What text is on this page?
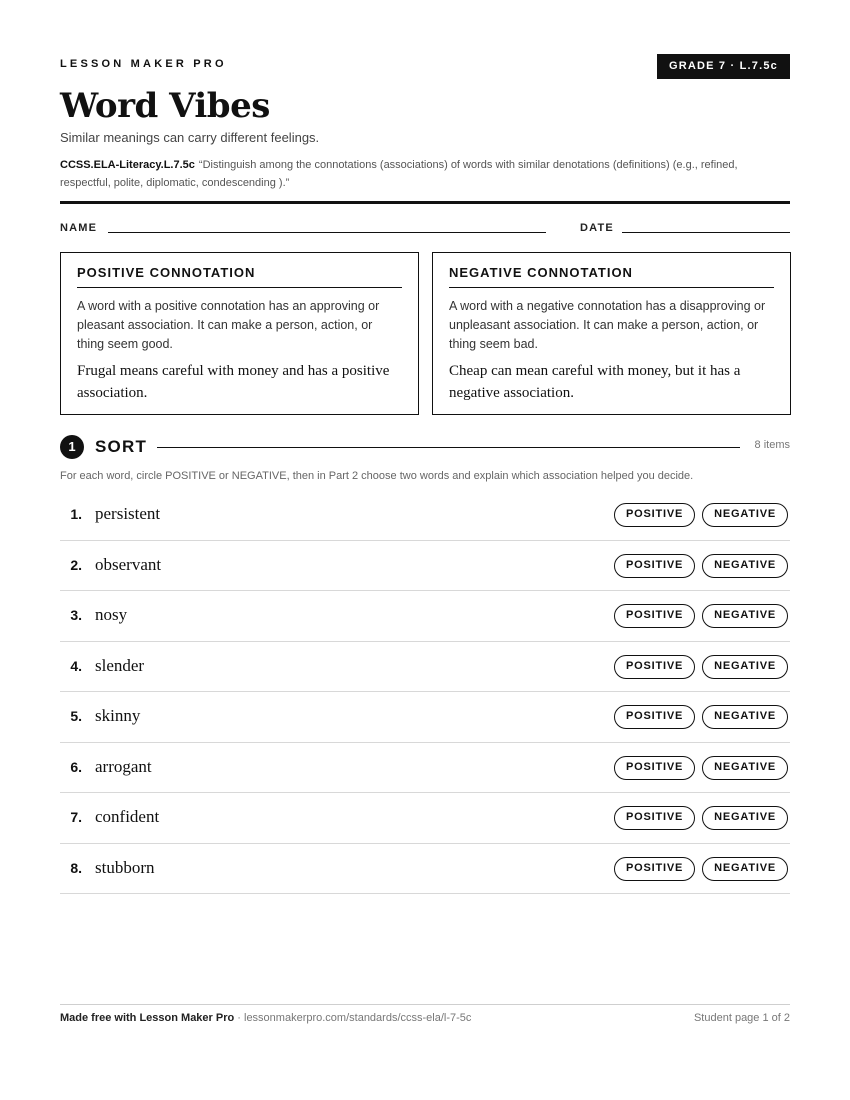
LESSON MAKER PRO	GRADE 7 · L.7.5c
Word Vibes
Similar meanings can carry different feelings.
CCSS.ELA-Literacy.L.7.5c “Distinguish among the connotations (associations) of words with similar denotations (definitions) (e.g., refined, respectful, polite, diplomatic, condescending ).”
NAME	DATE
POSITIVE CONNOTATION
A word with a positive connotation has an approving or pleasant association. It can make a person, action, or thing seem good.
Frugal means careful with money and has a positive association.
NEGATIVE CONNOTATION
A word with a negative connotation has a disapproving or unpleasant association. It can make a person, action, or thing seem bad.
Cheap can mean careful with money, but it has a negative association.
1	SORT	8 items
For each word, circle POSITIVE or NEGATIVE, then in Part 2 choose two words and explain which association helped you decide.
1. persistent	POSITIVE	NEGATIVE
2. observant	POSITIVE	NEGATIVE
3. nosy	POSITIVE	NEGATIVE
4. slender	POSITIVE	NEGATIVE
5. skinny	POSITIVE	NEGATIVE
6. arrogant	POSITIVE	NEGATIVE
7. confident	POSITIVE	NEGATIVE
8. stubborn	POSITIVE	NEGATIVE
Made free with Lesson Maker Pro · lessonmakerpro.com/standards/ccss-ela/l-7-5c	Student page 1 of 2
